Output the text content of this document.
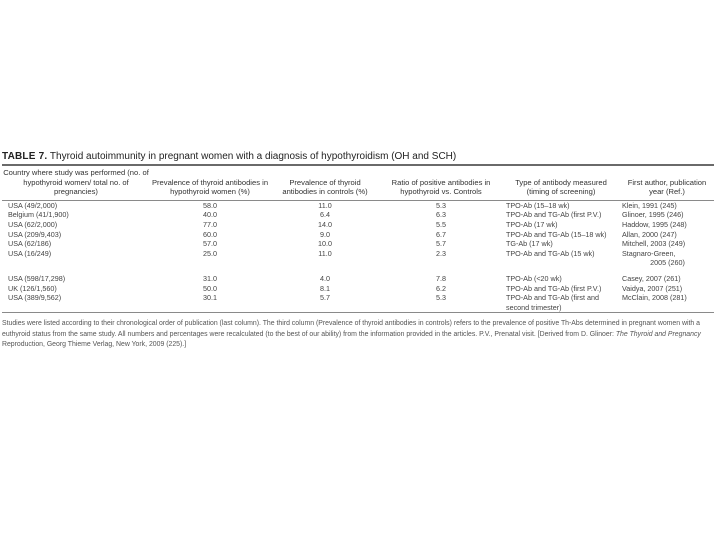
TABLE 7. Thyroid autoimmunity in pregnant women with a diagnosis of hypothyroidism (OH and SCH)
Country where study was performed (no. of hypothyroid women/ total no. of pregnancies)	Prevalence of thyroid antibodies in hypothyroid women (%)	Prevalence of thyroid antibodies in controls (%)	Ratio of positive antibodies in hypothyroid vs. Controls	Type of antibody measured (timing of screening)	First author, publication year (Ref.)
USA (49/2,000)	58.0	11.0	5.3	TPO-Ab (15–18 wk)	Klein, 1991 (245)
Belgium (41/1,900)	40.0	6.4	6.3	TPO-Ab and TG-Ab (first P.V.)	Glinoer, 1995 (246)
USA (62/2,000)	77.0	14.0	5.5	TPO-Ab (17 wk)	Haddow, 1995 (248)
USA (209/9,403)	60.0	9.0	6.7	TPO-Ab and TG-Ab (15–18 wk)	Allan, 2000 (247)
USA (62/186)	57.0	10.0	5.7	TG-Ab (17 wk)	Mitchell, 2003 (249)
USA (16/249)	25.0	11.0	2.3	TPO-Ab and TG-Ab (15 wk)	Stagnaro-Green,
					2005 (260)

USA (598/17,298)	31.0	4.0	7.8	TPO-Ab (<20 wk)	Casey, 2007 (261)
UK (126/1,560)	50.0	8.1	6.2	TPO-Ab and TG-Ab (first P.V.)	Vaidya, 2007 (251)
USA (389/9,562)	30.1	5.7	5.3	TPO-Ab and TG-Ab (first and	McClain, 2008 (281)
				second trimester)	
Studies were listed according to their chronological order of publication (last column). The third column (Prevalence of thyroid antibodies in controls) refers to the prevalence of positive Th-Abs determined in pregnant women with a euthyroid status from the same study. All numbers and percentages were recalculated (to the best of our ability) from the information provided in the articles. P.V., Prenatal visit. [Derived from D. Glinoer: The Thyroid and Pregnancy Reproduction, Georg Thieme Verlag, New York, 2009 (225).]
